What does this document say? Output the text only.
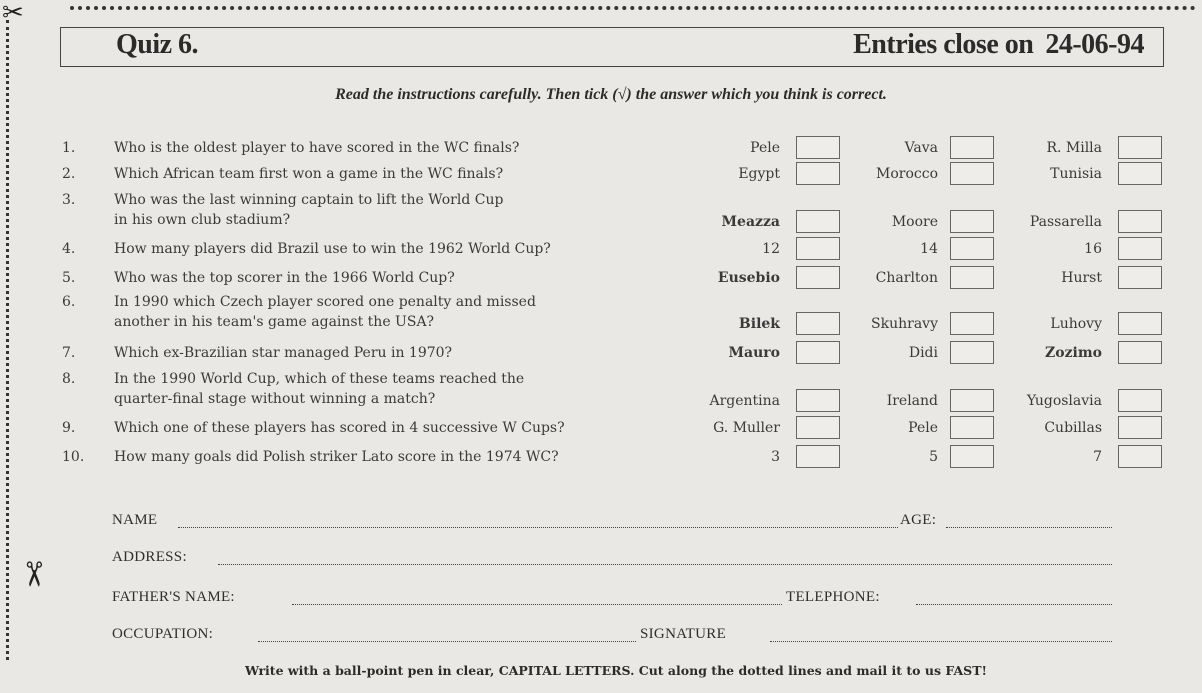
✂
✂
Quiz 6.	Entries close on 24-06-94
Read the instructions carefully. Then tick (√) the answer which you think is correct.
1.	Who is the oldest player to have scored in the WC finals?	Pele	Vava	R. Milla
2.	Which African team first won a game in the WC finals?	Egypt	Morocco	Tunisia
3.	Who was the last winning captain to lift the World Cup
in his own club stadium?	Meazza	Moore	Passarella
4.	How many players did Brazil use to win the 1962 World Cup?	12	14	16
5.	Who was the top scorer in the 1966 World Cup?	Eusebio	Charlton	Hurst
6.	In 1990 which Czech player scored one penalty and missed
another in his team's game against the USA?	Bilek	Skuhravy	Luhovy
7.	Which ex-Brazilian star managed Peru in 1970?	Mauro	Didi	Zozimo
8.	In the 1990 World Cup, which of these teams reached the
quarter-final stage without winning a match?	Argentina	Ireland	Yugoslavia
9.	Which one of these players has scored in 4 successive W Cups?	G. Muller	Pele	Cubillas
10. How many goals did Polish striker Lato score in the 1974 WC?	3	5	7
NAME	AGE:
ADDRESS:
FATHER'S NAME:	TELEPHONE:
OCCUPATION:	SIGNATURE
Write with a ball-point pen in clear, CAPITAL LETTERS. Cut along the dotted lines and mail it to us FAST!
